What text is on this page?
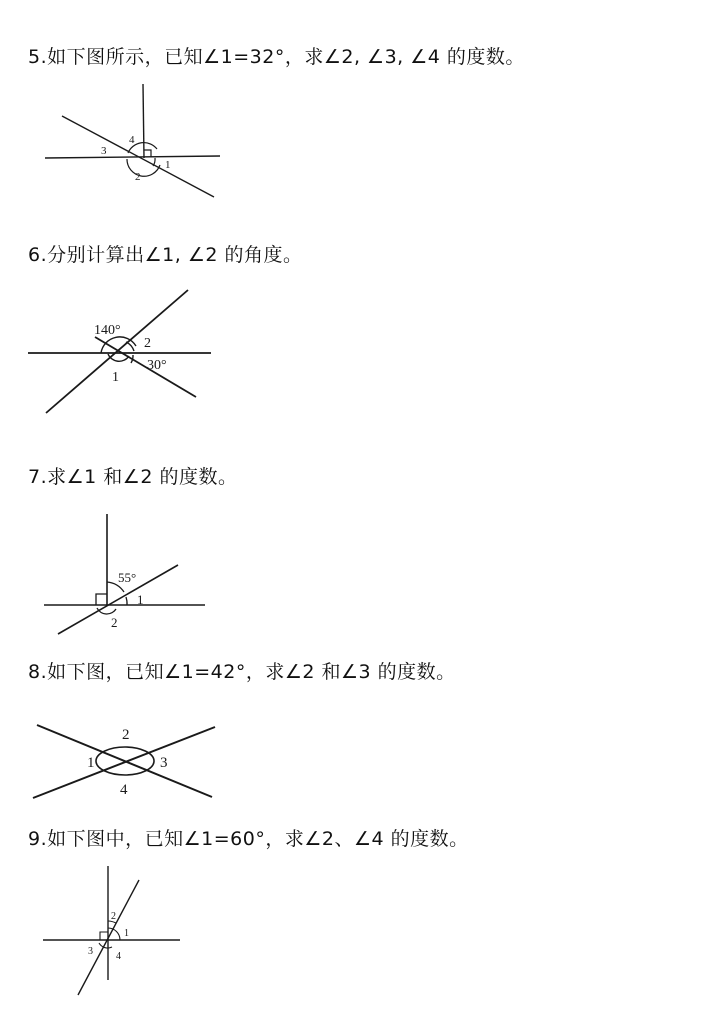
5.如下图所示，已知∠1=32°，求∠2, ∠3, ∠4 的度数。
4
3
1
2
6.分别计算出∠1, ∠2 的角度。
140°
2
30°
1
7.求∠1 和∠2 的度数。
55°
1
2
8.如下图，已知∠1=42°，求∠2 和∠3 的度数。
2
1	3
4
9.如下图中，已知∠1=60°，求∠2、∠4 的度数。
2
1
3 4
